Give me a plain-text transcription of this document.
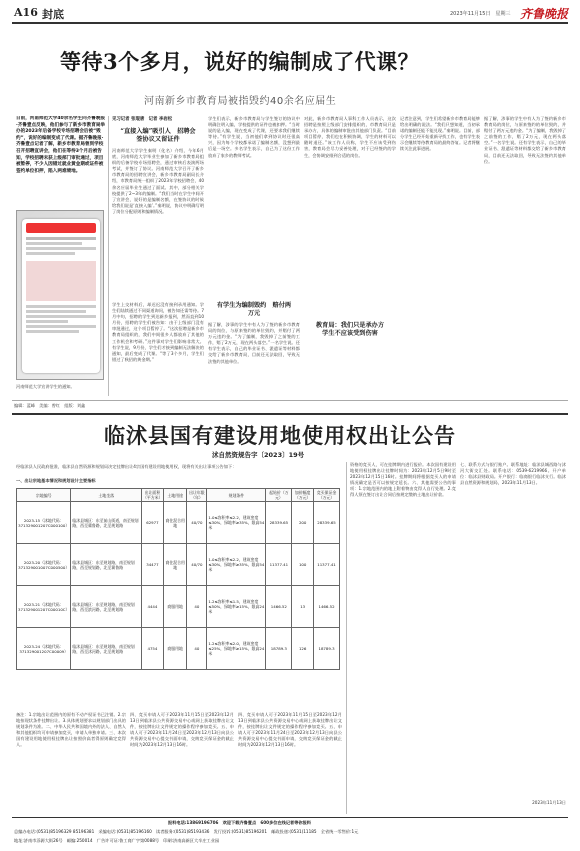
A16 封底	2023年11月15日　星期三 齐鲁晚报
等待3个多月，说好的编制成了代课？
河南新乡市教育局被指毁约40余名应届生
日前，河南师范大学40余名学生向齐鲁晚报·齐鲁壹点反映，他们参与了新乡市教育局举办的2023年后备学校专场招聘会后被“毁约”，说好的编制变成了代课。据齐鲁晚报·齐鲁壹点记者了解，新乡市教育局曾到学校召开招聘宣讲会，他们在等待3个月后被告知，学校招聘未获上级部门审批通过，项目被暂停，不少人因错过就业黄金期或证件被签约单位扣押，陷入两难境地。
河南师范大学宣讲学生的通知。
见习记者 张琨唐　记者 李岩松
“直接入编”吸引人　招聘会签协议又留证件
河南师范大学学生秦明（化名）介绍，今年6月底，河南师范大学毕业生参加了新乡市教育局组织的后备学校专场招聘会，通过审核后表演两场考试，并签订了协议。河南师范大学召开了新乡市教育局的招聘宣讲会，新乡市教育局副局长介绍，市教育局统一组织了2023年学校招聘会，40余名应届毕业生通过了面试。其中，部分相关学校提供了2~3年的编制。“我们当时在学生中间开了宣讲会，说好的是编制名额，在签协议的时候给我们说是‘直接入编’。”秦明说，协议中明确写明了岗位分配原则和编制情况。
学生上交材料后，却迟迟没有接到录用通知。学生们陆续通过不同渠道询问，被告知还需等待。7月中旬，招聘的学生到达新乡报到，然而直到10月份，招聘的学生们被告知：由于上级部门没有审批通过，这个项目暂停了。“这次招聘是新乡市教育局组织的，我们中间很多人都放弃了其他的工作机会和考研。”这件事对学生们影响非常大。有学生说，9月份，学生们才接到编制无法解决的通知，最后变成了代课。“等了3个多月，学生们错过了秋招的黄金期。”
学生们表示，新乡市教育局与学生签订的协议中明确注明入编，学校提供的证件也被扣押。“当时说的是入编，现在变成了代课，还要求我们继续等待。”有学生说，当初他们拿到协议时还很高兴，因为每个学校都承诺了编制名额，没想到最后是一场空。多名学生表示，自己为了这份工作放弃了家乡的教师考试。
有学生为编制毁约　赔付两万元
据了解，涉事的学生中有人为了签约新乡市教育局的岗位，与原来签约的单位毁约，并赔付了两万元违约金。“为了编制，我毁掉了之前签的工作，赔了2万元，现在两头落空。”一名学生说。还有学生表示，自己的毕业证书、派遣证等材料都交给了新乡市教育局，目前还无法取回，导致无法签约其他单位。
对此，新乡市教育局人事科工作人员表示，这次招聘是按照上级部门安排组织的，市教育局只是承办方，具体的编制审批由其他部门负责。“目前项目暂停，我们也在积极协调，学生的材料可以随时退还。”该工作人员称，学生不应该受到伤害，教育局会尽力妥善处理，对于已经签约的学生，会协调安排到合适的岗位。
教育局：我们只是承办方　学生不应该受到伤害
记者注意到，学生们希望新乡市教育局能够给出明确的说法。“我们只想知道，当初承诺的编制还能不能兑现。”秦明说。目前，部分学生已经开始重新寻找工作，也有学生表示会继续等待教育局的最终答复。记者将继续关注此事进展。
据了解，涉事的学生中有人为了签约新乡市教育局的岗位，与原来签约的单位毁约，并赔付了两万元违约金。“为了编制，我毁掉了之前签的工作，赔了2万元，现在两头落空。”一名学生说。还有学生表示，自己的毕业证书、派遣证等材料都交给了新乡市教育局，目前还无法取回，导致无法签约其他单位。
编辑：蓝峰　美编：曾红　组版：刘鑫
临沭县国有建设用地使用权出让公告
沭自然资规告字〔2023〕19号
经临沭县人民政府批准，临沭县自然资源和规划局决定挂牌出让4宗国有建设用地使用权，现将有关出让事项公告如下：
一、出让宗地基本情况和规划设计主要指标
宗地编号	土地坐落	出让面积（平方米）	土地用途	出让年限（年）	规划条件	起始价（万元）	加价幅度（万元）	竞买保证金（万元）
2023-15（沭地代码：371329001207C000100）	临沭县城区：东至前山街道，南至规划路，西至冀鲁路，北至规划路	62977	商住混合用地	40/70	1.0≤容积率≤2.2，建筑密度≤30%，绿地率≥35%，限高54米	28339.65	200	28339.65
2023-20（沭地代码：371329001007C000500）	临沭县城区：东至规划路，南至规划路，西至规划路，北至冀鲁路	34477	商住混合用地	40/70	1.0≤容积率≤2.2，建筑密度≤30%，绿地率≥35%，限高54米	11377.41	100	11377.41
2023-21（沭地代码：371329001207C00010C）	临沭县城区：东至规划路，南至规划路，西至滨河路，北至规划路	4444	商服用地	40	1.2≤容积率≤1.5，建筑密度≤50%，绿地率≥15%，限高24米	1466.52	13	1466.52
2023-24（沭地代码：371329001207C00009）	临沭县城区：东至规划路，南至规划路，西至沭河路，北至规划路	4754	商服用地	40	1.2≤容积率≤2.0，建筑密度≤25%，绿地率≥15%，限高24米	18789.3	126	18789.3
备注：1.宗地出让范围内的原有不动产权证书已注销。2.宗地按现状条件挂牌出让。3.具体规划要求以规划部门出具的规划条件为准。二、中华人民共和国境内外的法人、自然人和其他组织均可申请参加竞买，申请人单独申请。三、本次国有建设用地使用权挂牌出让按照价高者得原则确定竞得人。
四、竞买申请人可于2023年11月15日至2023年12月13日到临沭县公共资源交易中心或网上获取挂牌出让文件，按挂牌出让文件规定的操作程序参加竞买。五、申请人可于2023年11月24日至2023年12月13日向县公共资源交易中心提交书面申请，交纳竞买保证金的截止时间为2023年12月13日16时。
四、竞买申请人可于2023年11月15日至2023年12月13日到临沭县公共资源交易中心或网上获取挂牌出让文件，按挂牌出让文件规定的操作程序参加竞买。五、申请人可于2023年11月24日至2023年12月13日向县公共资源交易中心提交书面申请，交纳竞买保证金的截止时间为2023年12月13日16时。
资格的竞买人，可在挂牌期内进行报价。本次国有建设用地使用权挂牌出让挂牌时间为：2023年12月5日9时至2023年12月15日16时。挂牌期间将根据竞买人的申请情况确定是否可以按规定延长。六、其他需要公告的事项：1.宗地范围内的地上附着物由竞得人自行处理。2.竞得人须在签订出让合同后按规定缴纳土地出让价款。
七、联系方式与银行账户。联系地址：临沭县城西路与沭河大街交汇处。联系电话：0539-6219966。开户单位：临沭县财政局。开户银行：临商银行临沭支行。临沭县自然资源和规划局，2023年11月13日。
2023年11月13日
报料电话:13869196706　欢迎下载齐鲁壹点　600多位在线记者等你报料
总编办电话:(0531)85196329 85196381　采编电话:(0531)85196160　读者服务:(0531)85193436　发行投诉:(0531)85196201　邮政投递:(0531)11185　全省统一零售价:1元
地址:济南市泺源大街26号　邮编:250014　广告许可证:鲁工商广字第0088号　印刷:济南高新区大辛庄工业园
